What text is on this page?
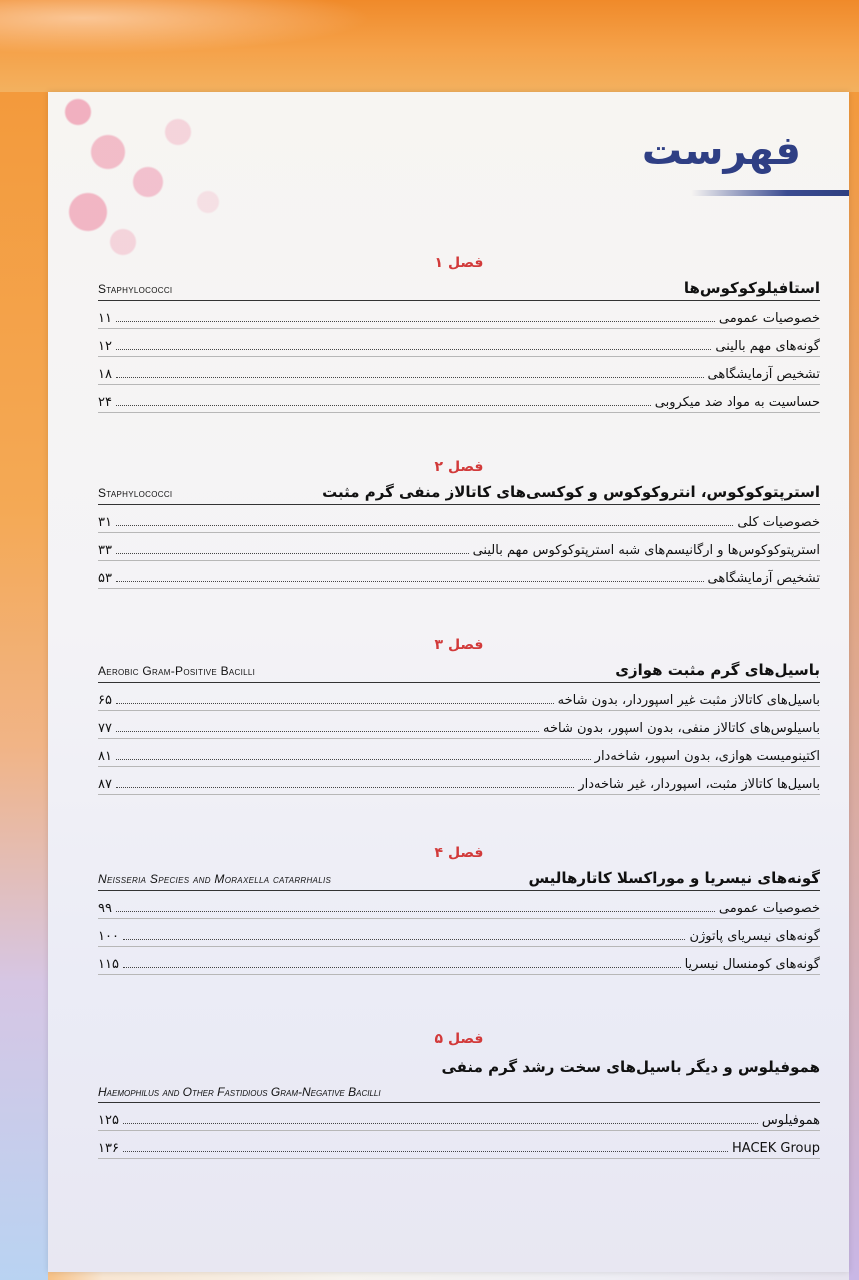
فهرست
فصل ۱
استافیلوکوکوس‌ها
Staphylococci
خصوصیات عمومی
۱۱
گونه‌های مهم بالینی
۱۲
تشخیص آزمایشگاهی
۱۸
حساسیت به مواد ضد میکروبی
۲۴
فصل ۲
استرپتوکوکوس، انتروکوکوس و کوکسی‌های کاتالاز منفی گرم مثبت
Staphylococci
خصوصیات کلی
۳۱
استرپتوکوکوس‌ها و ارگانیسم‌های شبه استرپتوکوکوس مهم بالینی
۳۳
تشخیص آزمایشگاهی
۵۳
فصل ۳
باسیل‌های گرم مثبت هوازی
Aerobic Gram-Positive Bacilli
باسیل‌های کاتالاز مثبت غیر اسپوردار، بدون شاخه
۶۵
باسیلوس‌های کاتالاز منفی، بدون اسپور، بدون شاخه
۷۷
اکتینومیست هوازی، بدون اسپور، شاخه‌دار
۸۱
باسیل‌ها کاتالاز مثبت، اسپوردار، غیر شاخه‌دار
۸۷
فصل ۴
گونه‌های نیسریا و موراکسلا کاتارهالیس
Neisseria Species and Moraxella catarrhalis
خصوصیات عمومی
۹۹
گونه‌های نیسریای پاتوژن
۱۰۰
گونه‌های کومنسال نیسریا
۱۱۵
فصل ۵
هموفیلوس و دیگر باسیل‌های سخت رشد گرم منفی
Haemophilus and Other Fastidious Gram-Negative Bacilli
هموفیلوس
۱۲۵
HACEK Group
۱۳۶
